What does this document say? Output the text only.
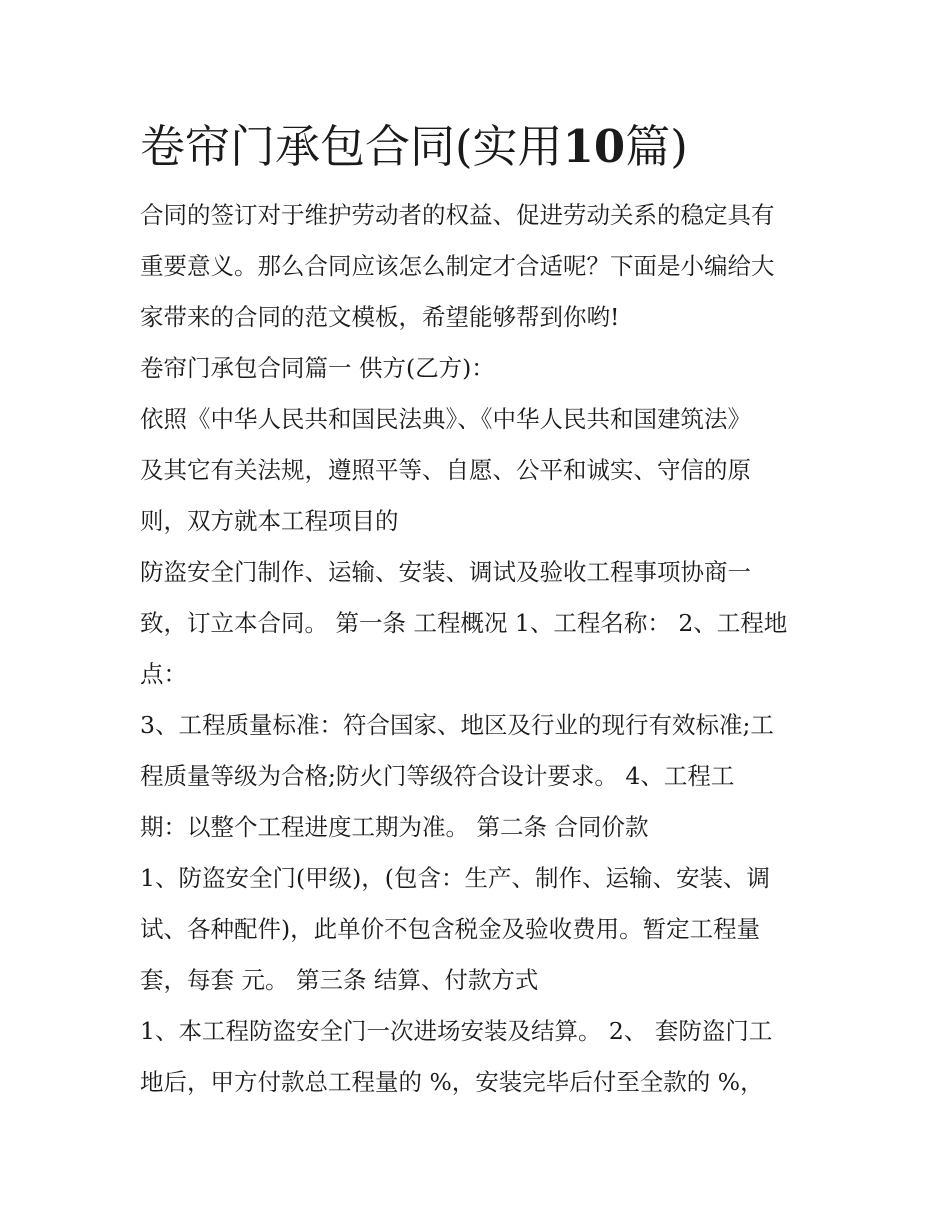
卷帘门承包合同(实用10篇)

合同的签订对于维护劳动者的权益、促进劳动关系的稳定具有

重要意义。那么合同应该怎么制定才合适呢？下面是小编给大

家带来的合同的范文模板，希望能够帮到你哟!

卷帘门承包合同篇一 供方(乙方)：

依照《中华人民共和国民法典》、《中华人民共和国建筑法》

及其它有关法规，遵照平等、自愿、公平和诚实、守信的原

则，双方就本工程项目的

防盗安全门制作、运输、安装、调试及验收工程事项协商一

致，订立本合同。 第一条 工程概况 1、工程名称： 2、工程地

点：

3、工程质量标准：符合国家、地区及行业的现行有效标准;工

程质量等级为合格;防火门等级符合设计要求。 4、工程工

期：以整个工程进度工期为准。 第二条 合同价款

1、防盗安全门(甲级)，(包含：生产、制作、运输、安装、调

试、各种配件)，此单价不包含税金及验收费用。暂定工程量

套，每套 元。 第三条 结算、付款方式

1、本工程防盗安全门一次进场安装及结算。 2、 套防盗门工

地后，甲方付款总工程量的 %，安装完毕后付至全款的 %，
